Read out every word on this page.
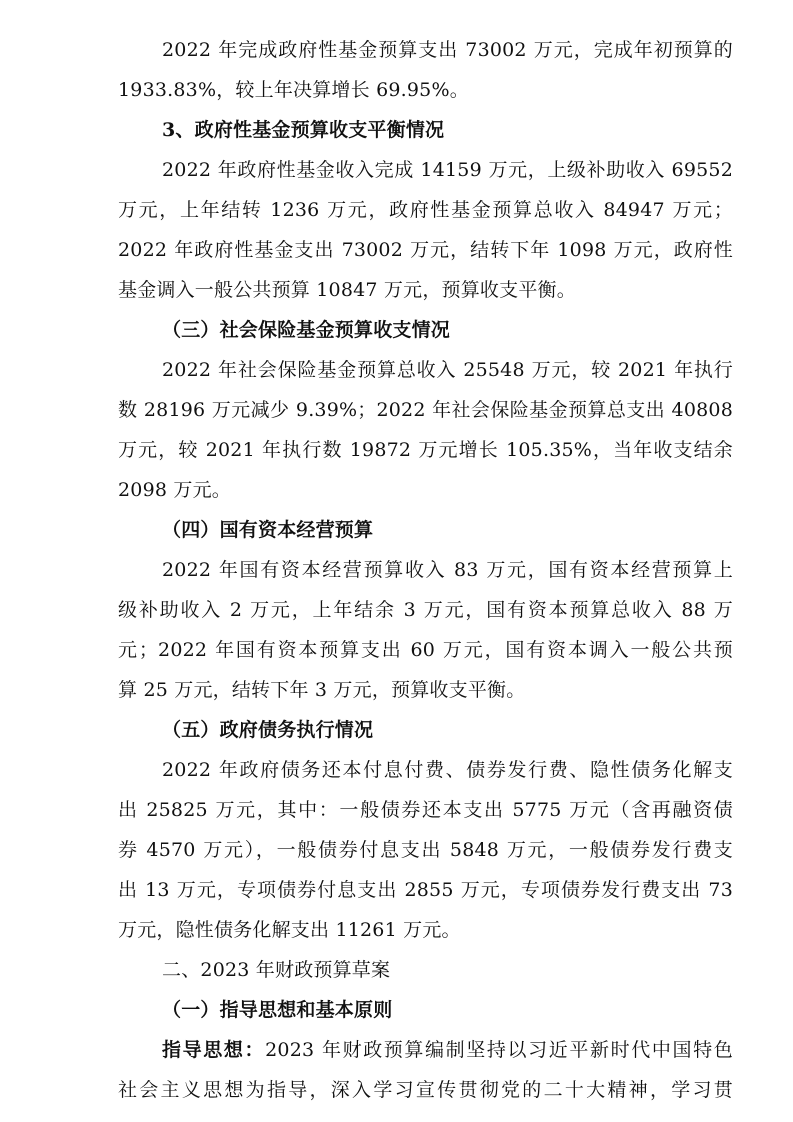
2022 年完成政府性基金预算支出 73002 万元，完成年初预算的
1933.83%，较上年决算增长 69.95%。
3、政府性基金预算收支平衡情况
2022 年政府性基金收入完成 14159 万元，上级补助收入 69552
万元，上年结转 1236 万元，政府性基金预算总收入 84947 万元；
2022 年政府性基金支出 73002 万元，结转下年 1098 万元，政府性
基金调入一般公共预算 10847 万元，预算收支平衡。
（三）社会保险基金预算收支情况
2022 年社会保险基金预算总收入 25548 万元，较 2021 年执行
数 28196 万元减少 9.39%；2022 年社会保险基金预算总支出 40808
万元，较 2021 年执行数 19872 万元增长 105.35%，当年收支结余
2098 万元。
（四）国有资本经营预算
2022 年国有资本经营预算收入 83 万元，国有资本经营预算上
级补助收入 2 万元，上年结余 3 万元，国有资本预算总收入 88 万
元；2022 年国有资本预算支出 60 万元，国有资本调入一般公共预
算 25 万元，结转下年 3 万元，预算收支平衡。
（五）政府债务执行情况
2022 年政府债务还本付息付费、债券发行费、隐性债务化解支
出 25825 万元，其中：一般债券还本支出 5775 万元（含再融资债
券 4570 万元），一般债券付息支出 5848 万元，一般债券发行费支
出 13 万元，专项债券付息支出 2855 万元，专项债券发行费支出 73
万元，隐性债务化解支出 11261 万元。
二、2023 年财政预算草案
（一）指导思想和基本原则
指导思想：2023 年财政预算编制坚持以习近平新时代中国特色
社会主义思想为指导，深入学习宣传贯彻党的二十大精神，学习贯
